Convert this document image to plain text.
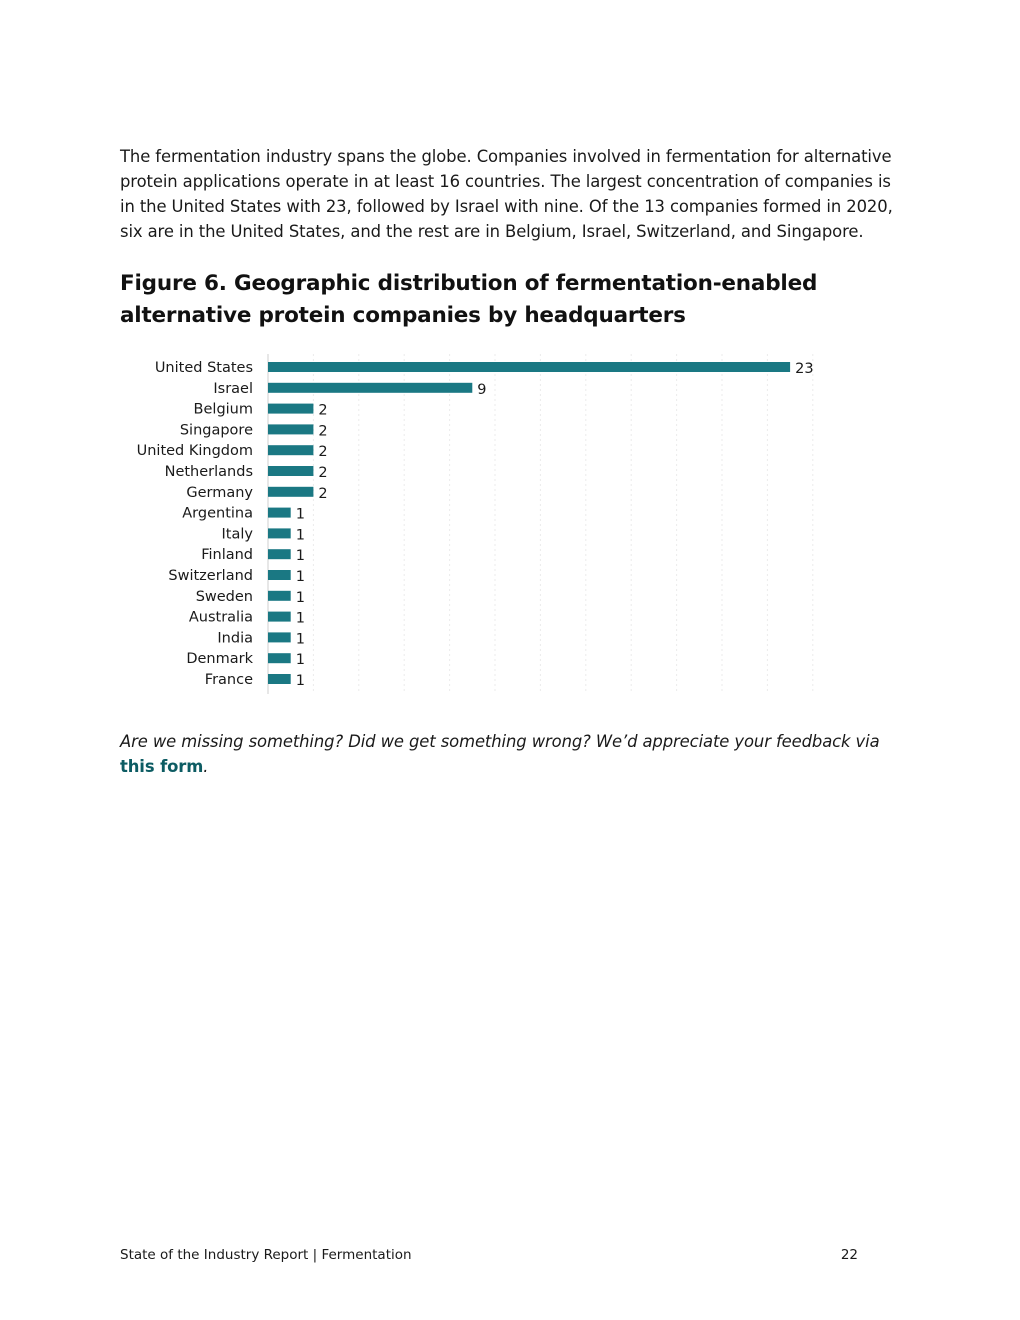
The fermentation industry spans the globe. Companies involved in fermentation for alternative protein applications operate in at least 16 countries. The largest concentration of companies is in the United States with 23, followed by Israel with nine. Of the 13 companies formed in 2020, six are in the United States, and the rest are in Belgium, Israel, Switzerland, and Singapore.

Figure 6. Geographic distribution of fermentation-enabled alternative protein companies by headquarters
United States	23
Israel	9
Belgium	2
Singapore	2
United Kingdom	2
Netherlands	2
Germany	2
Argentina	1
Italy	1
Finland	1
Switzerland	1
Sweden	1
Australia	1
India	1
Denmark	1
France	1

Are we missing something? Did we get something wrong? We’d appreciate your feedback via this form.

State of the Industry Report | Fermentation	22
